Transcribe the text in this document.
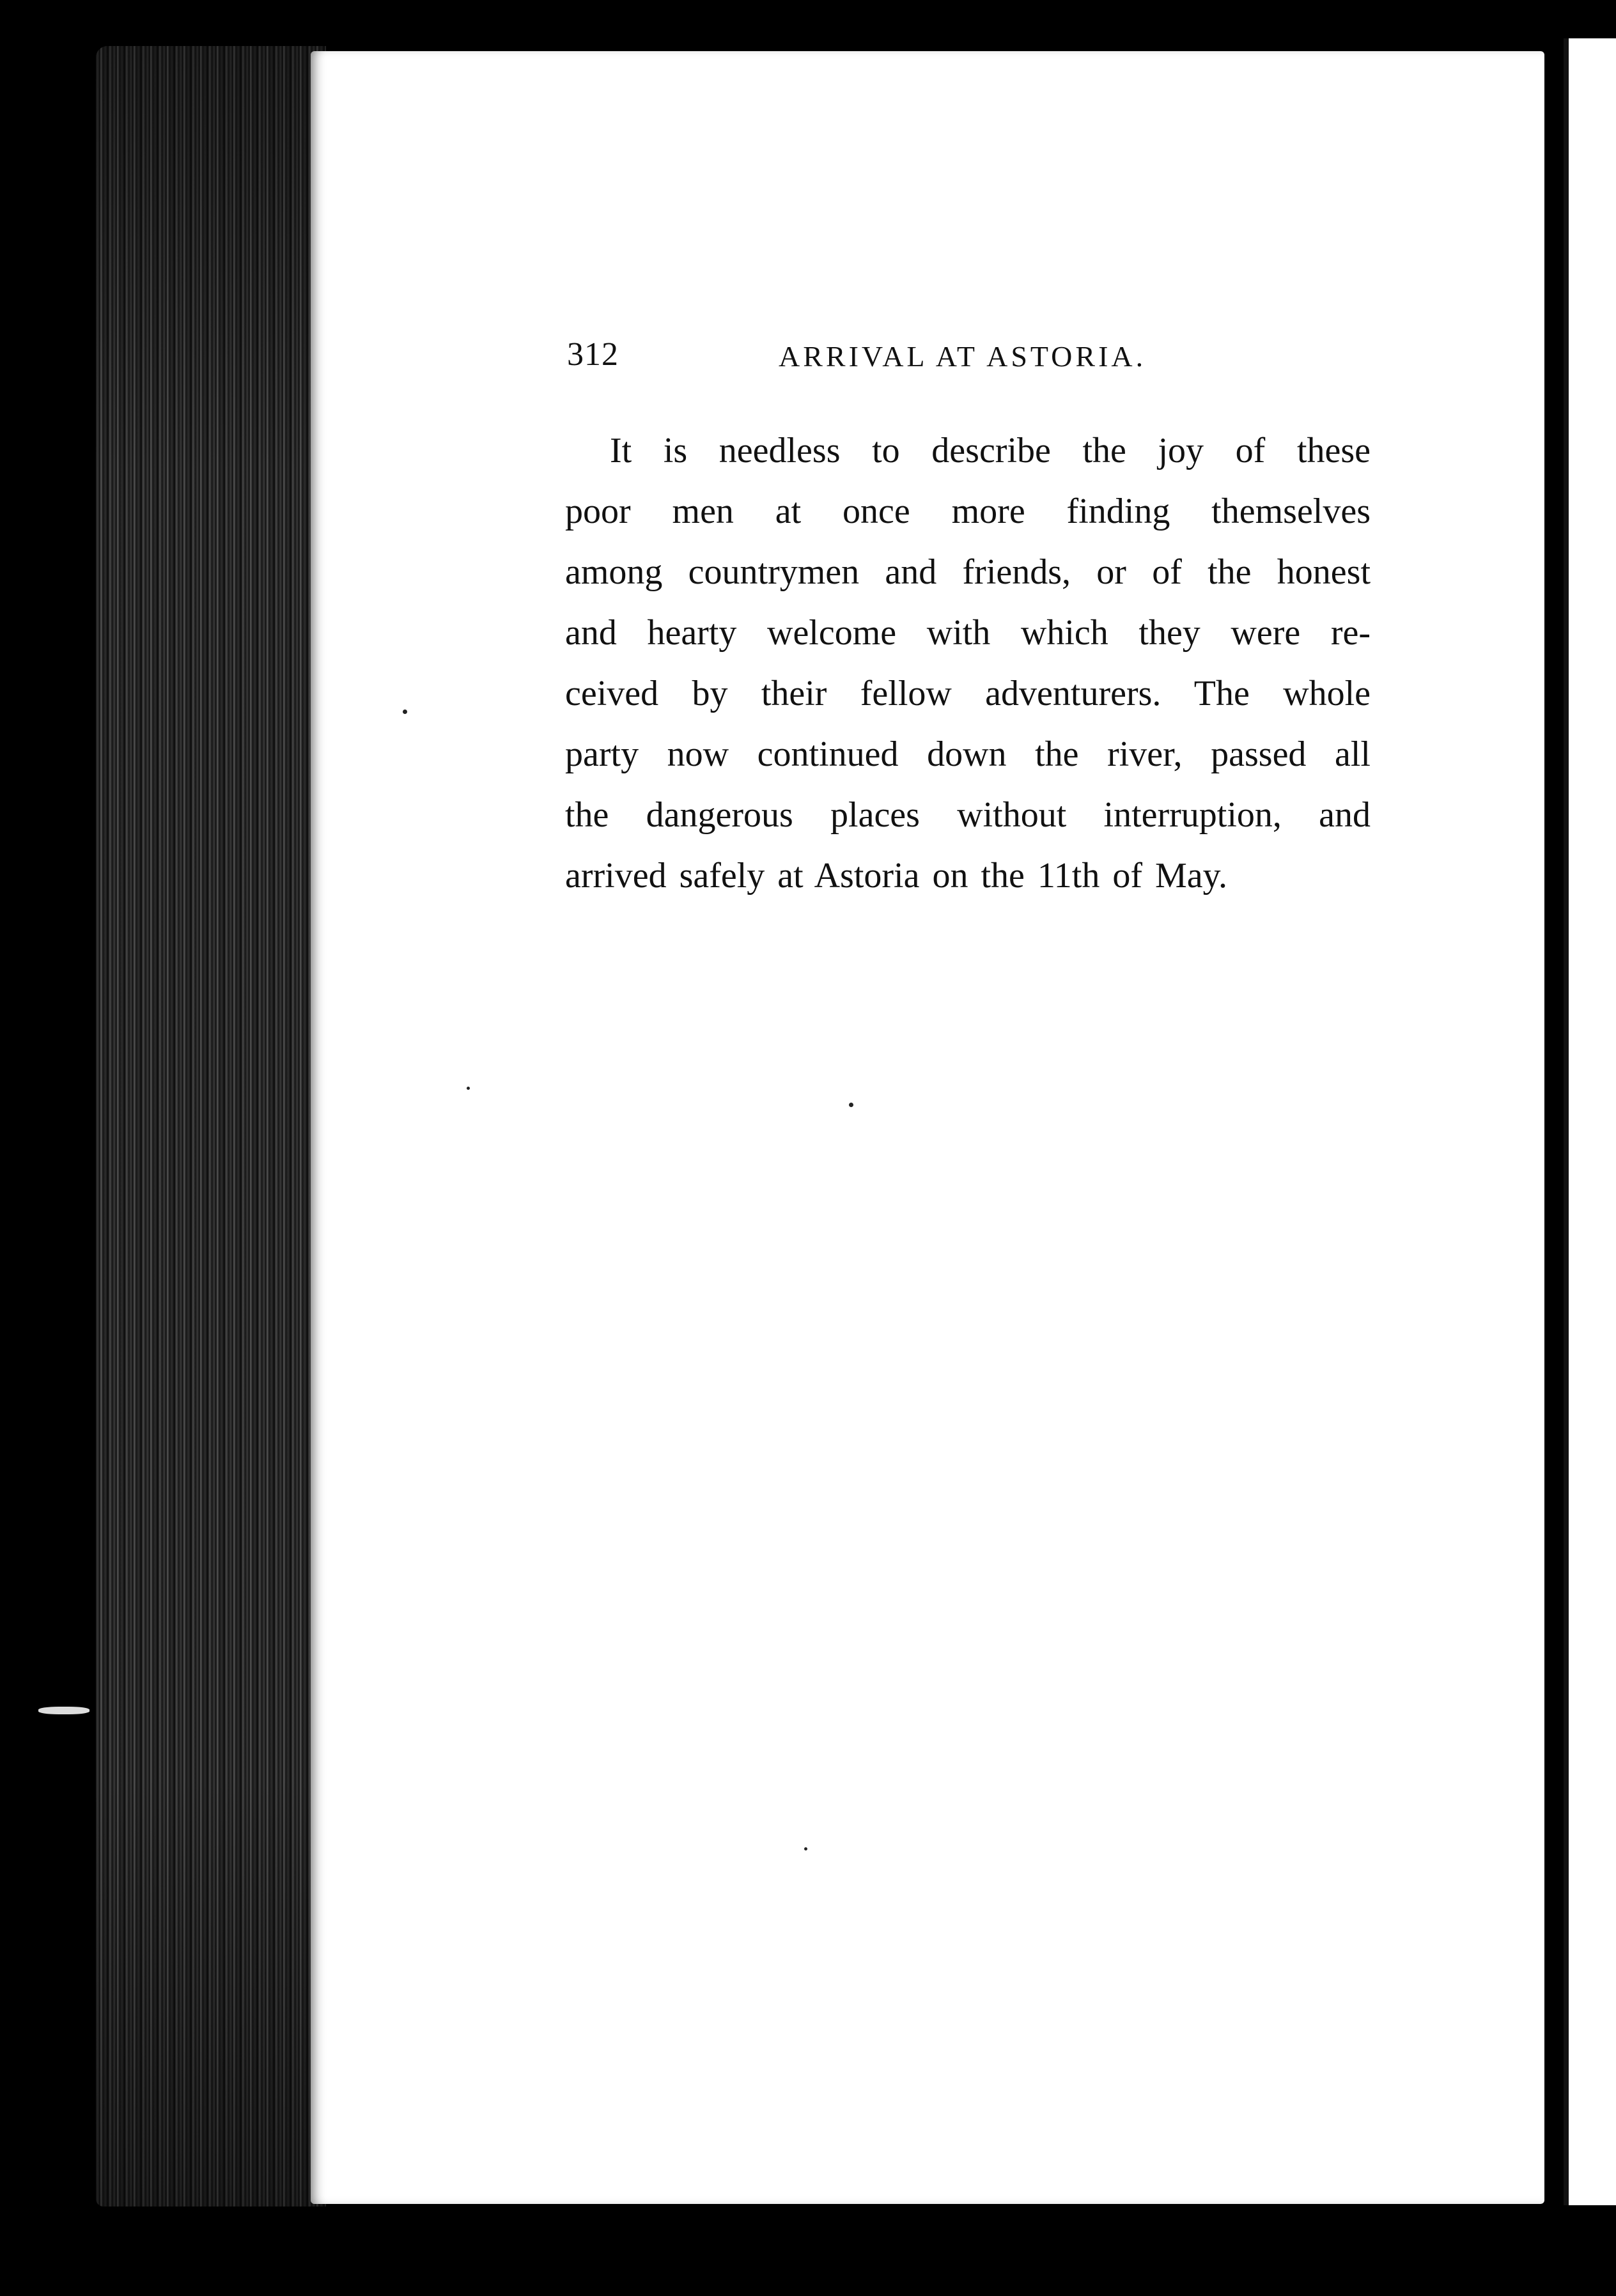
312	ARRIVAL AT ASTORIA.
It is needless to describe the joy of these
poor men at once more finding themselves
among countrymen and friends, or of the honest
and hearty welcome with which they were re-
ceived by their fellow adventurers. The whole
party now continued down the river, passed all
the dangerous places without interruption, and
arrived safely at Astoria on the 11th of May.
